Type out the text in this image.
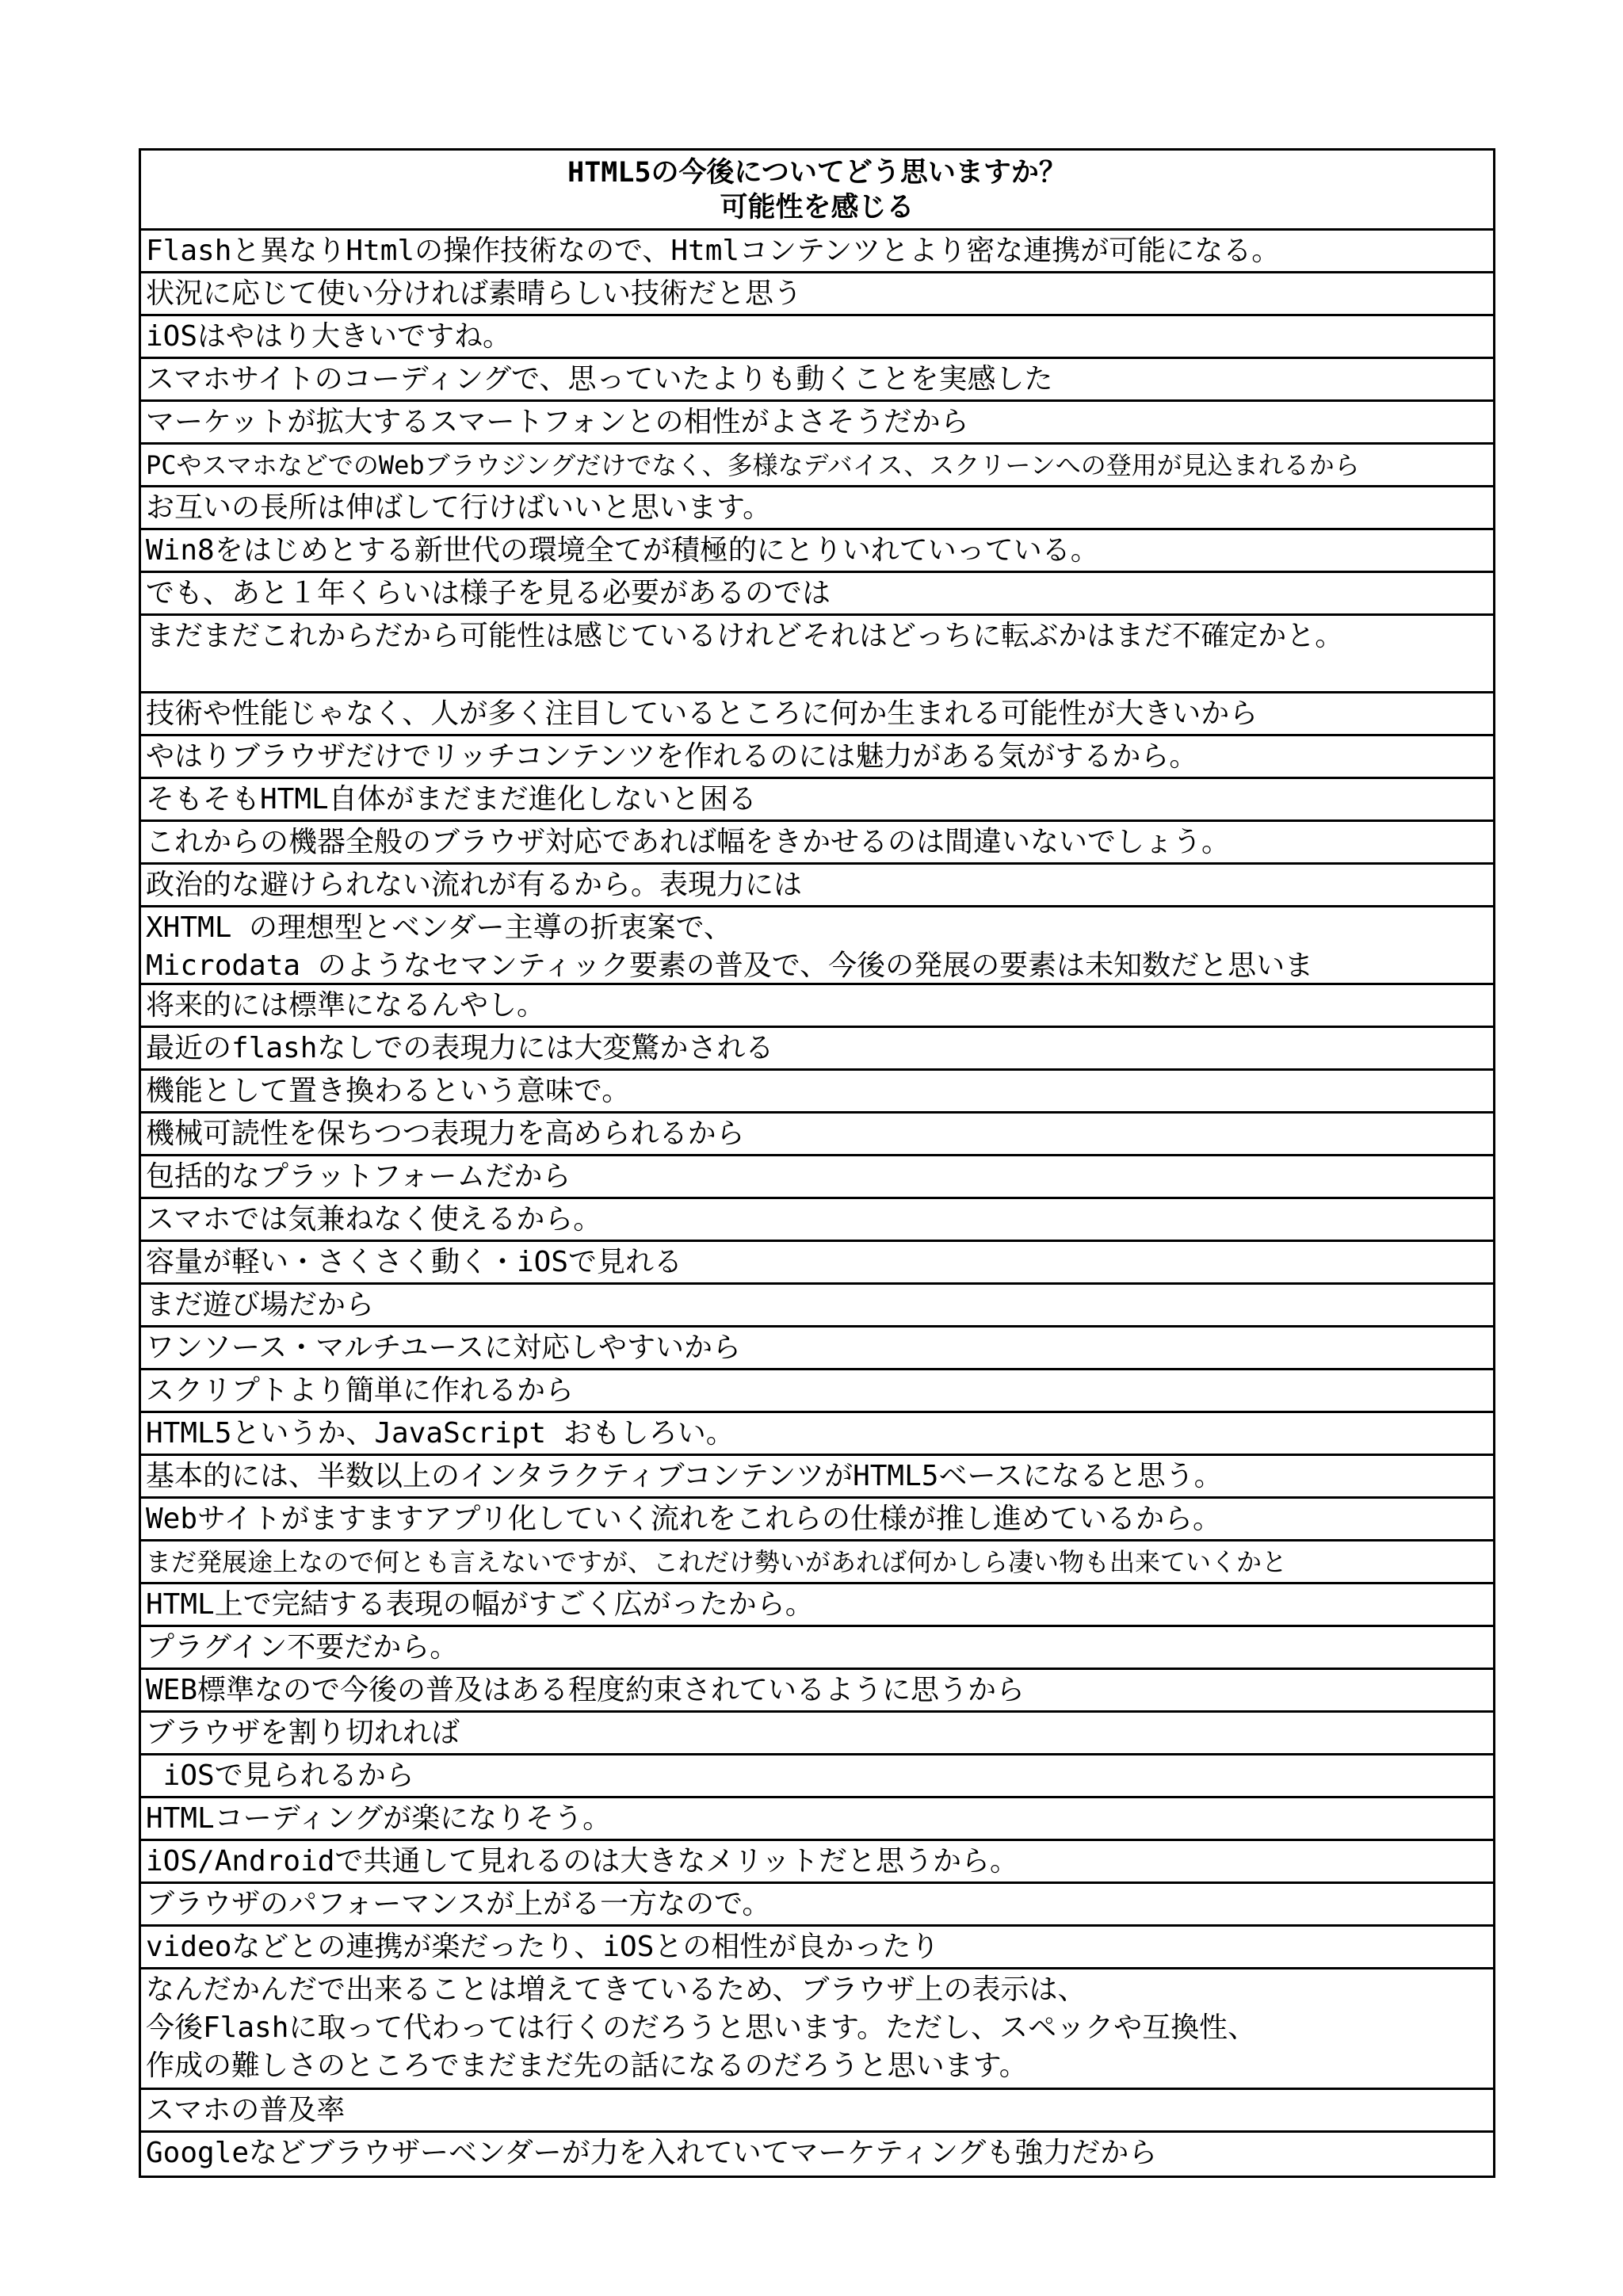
HTML5の今後についてどう思いますか？
可能性を感じる
Flashと異なりHtmlの操作技術なので、Htmlコンテンツとより密な連携が可能になる。
状況に応じて使い分ければ素晴らしい技術だと思う
iOSはやはり大きいですね。
スマホサイトのコーディングで、思っていたよりも動くことを実感した
マーケットが拡大するスマートフォンとの相性がよさそうだから
PCやスマホなどでのWebブラウジングだけでなく、多様なデバイス、スクリーンへの登用が見込まれるから
お互いの長所は伸ばして行けばいいと思います。
Win8をはじめとする新世代の環境全てが積極的にとりいれていっている。
でも、あと１年くらいは様子を見る必要があるのでは
まだまだこれからだから可能性は感じているけれどそれはどっちに転ぶかはまだ不確定かと。
技術や性能じゃなく、人が多く注目しているところに何か生まれる可能性が大きいから
やはりブラウザだけでリッチコンテンツを作れるのには魅力がある気がするから。
そもそもHTML自体がまだまだ進化しないと困る
これからの機器全般のブラウザ対応であれば幅をきかせるのは間違いないでしょう。
政治的な避けられない流れが有るから。表現力には
XHTML の理想型とベンダー主導の折衷案で、
Microdata のようなセマンティック要素の普及で、今後の発展の要素は未知数だと思いま
将来的には標準になるんやし。
最近のflashなしでの表現力には大変驚かされる
機能として置き換わるという意味で。
機械可読性を保ちつつ表現力を高められるから
包括的なプラットフォームだから
スマホでは気兼ねなく使えるから。
容量が軽い・さくさく動く・iOSで見れる
まだ遊び場だから
ワンソース・マルチユースに対応しやすいから
スクリプトより簡単に作れるから
HTML5というか、JavaScript おもしろい。
基本的には、半数以上のインタラクティブコンテンツがHTML5ベースになると思う。
Webサイトがますますアプリ化していく流れをこれらの仕様が推し進めているから。
まだ発展途上なので何とも言えないですが、これだけ勢いがあれば何かしら凄い物も出来ていくかと
HTML上で完結する表現の幅がすごく広がったから。
プラグイン不要だから。
WEB標準なので今後の普及はある程度約束されているように思うから
ブラウザを割り切れれば
iOSで見られるから
HTMLコーディングが楽になりそう。
iOS/Androidで共通して見れるのは大きなメリットだと思うから。
ブラウザのパフォーマンスが上がる一方なので。
videoなどとの連携が楽だったり、iOSとの相性が良かったり
なんだかんだで出来ることは増えてきているため、ブラウザ上の表示は、
今後Flashに取って代わっては行くのだろうと思います。ただし、スペックや互換性、
作成の難しさのところでまだまだ先の話になるのだろうと思います。
スマホの普及率
Googleなどブラウザーベンダーが力を入れていてマーケティングも強力だから
